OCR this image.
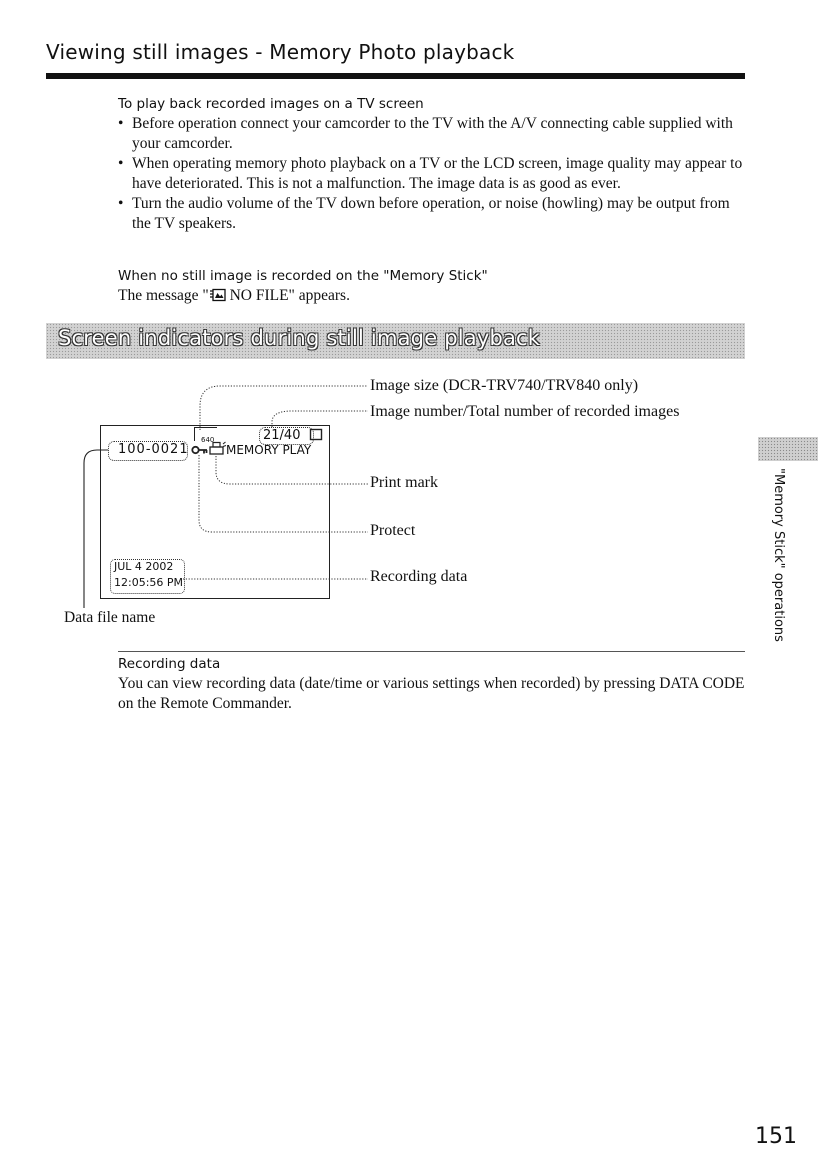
Viewing still images - Memory Photo playback
To play back recorded images on a TV screen
• Before operation connect your camcorder to the TV with the A/V connecting cable supplied with your camcorder.
• When operating memory photo playback on a TV or the LCD screen, image quality may appear to have deteriorated. This is not a malfunction. The image data is as good as ever.
• Turn the audio volume of the TV down before operation, or noise (howling) may be output from the TV speakers.
When no still image is recorded on the "Memory Stick"
The message " NO FILE" appears.
Screen indicators during still image playback
100-0021
640	21/40
MEMORY PLAY
JUL 4 2002
12:05:56 PM
Image size (DCR-TRV740/TRV840 only)
Image number/Total number of recorded images
Print mark
Protect
Recording data
Data file name	"Memory Stick" operations
Recording data
You can view recording data (date/time or various settings when recorded) by pressing DATA CODE on the Remote Commander.
151
